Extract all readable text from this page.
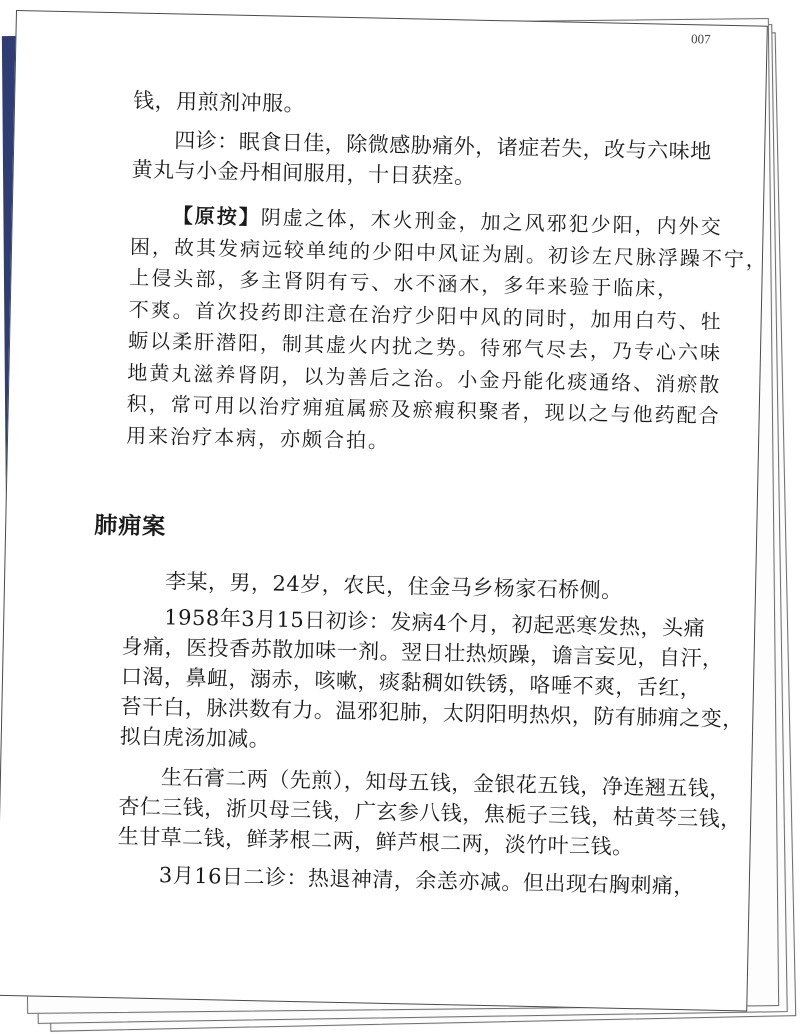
007

钱，用煎剂冲服。

四诊：眠食日佳，除微感胁痛外，诸症若失，改与六味地
黄丸与小金丹相间服用，十日获痊。

【原按】阴虚之体，木火刑金，加之风邪犯少阳，内外交
困，故其发病远较单纯的少阳中风证为剧。初诊左尺脉浮躁不宁，
上侵头部，多主肾阴有亏、水不涵木，多年来验于临床，
不爽。首次投药即注意在治疗少阳中风的同时，加用白芍、牡
蛎以柔肝潜阳，制其虚火内扰之势。待邪气尽去，乃专心六味
地黄丸滋养肾阴，以为善后之治。小金丹能化痰通络、消瘀散
积，常可用以治疗痈疽属瘀及瘀瘕积聚者，现以之与他药配合
用来治疗本病，亦颇合拍。
肺痈案

李某，男，24岁，农民，住金马乡杨家石桥侧。

1958年3月15日初诊：发病4个月，初起恶寒发热，头痛
身痛，医投香苏散加味一剂。翌日壮热烦躁，谵言妄见，自汗，
口渴，鼻衄，溺赤，咳嗽，痰黏稠如铁锈，咯唾不爽，舌红，
苔干白，脉洪数有力。温邪犯肺，太阴阳明热炽，防有肺痈之变，
拟白虎汤加减。

生石膏二两（先煎），知母五钱，金银花五钱，净连翘五钱，
杏仁三钱，浙贝母三钱，广玄参八钱，焦栀子三钱，枯黄芩三钱，
生甘草二钱，鲜茅根二两，鲜芦根二两，淡竹叶三钱。

3月16日二诊：热退神清，余恙亦减。但出现右胸刺痛，
